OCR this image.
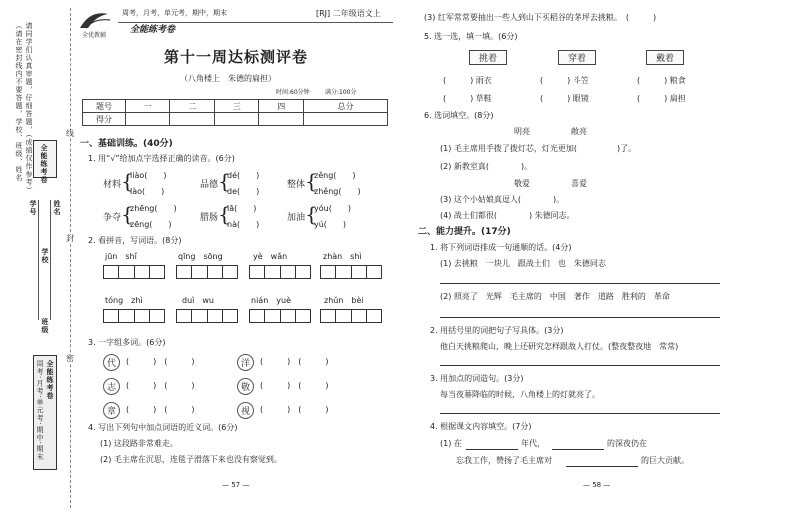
（请在密封线内不要答题，学校、班级、姓名 请同学们认真审题，仔细答题，（成绩仅作参考） 全能练考卷
周考·月考·单元考·期中·期末 全能练考卷
学校
班级
学号 姓名
线
封
密
全优教辅
周考，月考，单元考，期中，期末	[RJ] 二年级语文上
全能练考卷
第十一周达标测评卷
（八角楼上　朱德的扁担）
时间:60分钟	满分:100分
题号	一	二	三	四	总分
得分					
一、基础训练。(40分)
1. 用“√”给加点字选择正确的读音。(6分)
材料 {
liào(　　)
lào(　　)
品德 {
dé(　　)
de(　　)
整体 {
zěng(　　)
zhěng(　　)
争夺 {
zhēng(　　)
zēng(　　)
腊肠 {
lā(　　)
nà(　　)
加油 {
yóu(　　)
yú(　　)
2. 看拼音，写词语。(8分)
jūn　shǐ	qīng　sōng	yè　wǎn	zhàn　shì
tóng　zhì	duì　wu	nián　yuè	zhǔn　bèi
3. 一字组多词。(6分)
代	(　　　)　(　　　)	洋	(　　　)　(　　　)
志	(　　　)　(　　　)	敬	(　　　)　(　　　)
章	(　　　)　(　　　)	视	(　　　)　(　　　)
4. 写出下列句中加点词语的近义词。(6分)
(1) 这段路非常难走。
(2) 毛主席在沉思，连毯子滑落下来也没有察觉到。
— 57 —
(3) 红军常常要抽出一些人到山下买稻谷的茅坪去挑粮。　(　　　)
5. 选一选，填一填。(6分)
挑着	穿着	戴着
(　　　) 雨衣	(　　　) 斗笠	(　　　) 粮食
(　　　) 草鞋	(　　　) 眼镜	(　　　) 扁担
6. 选词填空。(8分)
明亮	敞亮
(1) 毛主席用手拨了拨灯芯，灯光更加(　　　　　)了。
(2) 新教室真(　　　　)。
敬爱	喜爱
(3) 这个小姑娘真逗人(　　　　)。
(4) 战士们都很(　　　　) 朱德同志。
二、能力提升。(17分)
1. 将下列词语排成一句通顺的话。(4分)
(1) 去挑粮　一块儿　跟战士们　也　朱德同志
(2) 照亮了　光辉　毛主席的　中国　著作　道路　胜利的　革命
2. 用括号里的词把句子写具体。(3分)
他白天挑粮爬山，晚上还研究怎样跟敌人打仗。(整夜整夜地　常常)
3. 用加点的词造句。(3分)
每当夜幕降临的时候，八角楼上的灯就亮了。
4. 根据课文内容填空。(7分)
(1) 在	年代，	的深夜仍在
忘我工作，赞扬了毛主席对	的巨大贡献。
— 58 —
